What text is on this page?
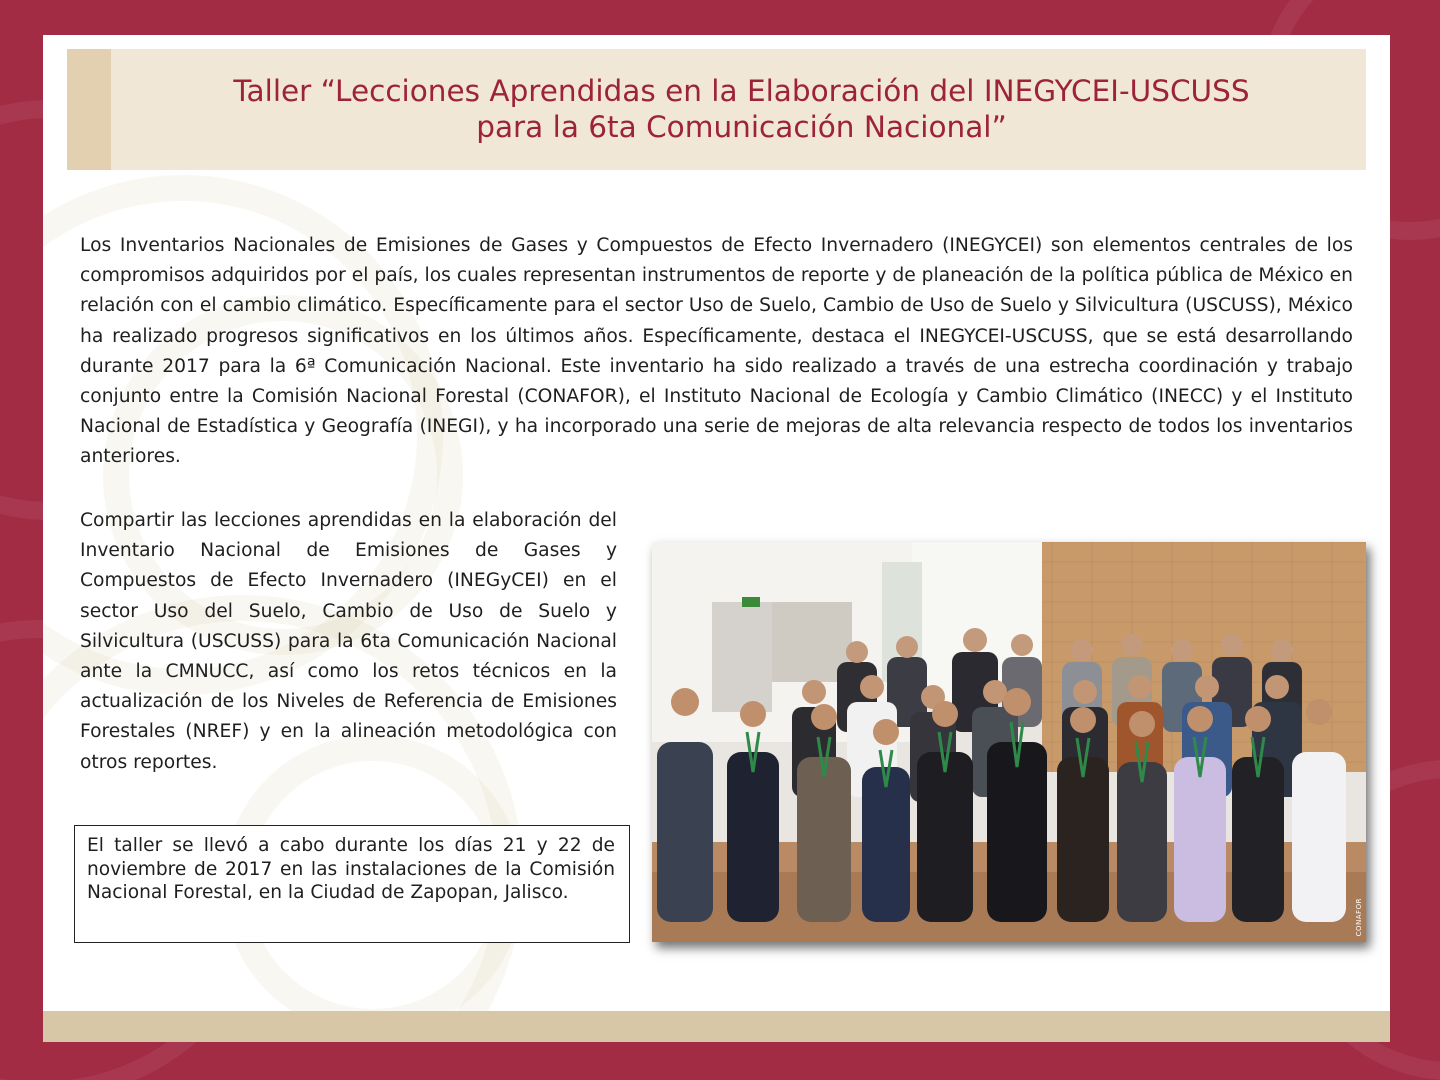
Taller “Lecciones Aprendidas en la Elaboración del INEGYCEI-USCUSS
para la 6ta Comunicación Nacional”

Los Inventarios Nacionales de Emisiones de Gases y Compuestos de Efecto Invernadero (INEGYCEI) son elementos centrales de los compromisos adquiridos por el país, los cuales representan instrumentos de reporte y de planeación de la política pública de México en relación con el cambio climático. Específicamente para el sector Uso de Suelo, Cambio de Uso de Suelo y Silvicultura (USCUSS), México ha realizado progresos significativos en los últimos años. Específicamente, destaca el INEGYCEI-USCUSS, que se está desarrollando durante 2017 para la 6ª Comunicación Nacional. Este inventario ha sido realizado a través de una estrecha coordinación y trabajo conjunto entre la Comisión Nacional Forestal (CONAFOR), el Instituto Nacional de Ecología y Cambio Climático (INECC) y el Instituto Nacional de Estadística y Geografía (INEGI), y ha incorporado una serie de mejoras de alta relevancia respecto de todos los inventarios anteriores.

Compartir las lecciones aprendidas en la elaboración del Inventario Nacional de Emisiones de Gases y Compuestos de Efecto Invernadero (INEGyCEI) en el sector Uso del Suelo, Cambio de Uso de Suelo y Silvicultura (USCUSS) para la 6ta Comunicación Nacional ante la CMNUCC, así como los retos técnicos en la actualización de los Niveles de Referencia de Emisiones Forestales (NREF) y en la alineación metodológica con otros reportes.

El taller se llevó a cabo durante los días 21 y 22 de noviembre de 2017 en las instalaciones de la Comisión Nacional Forestal, en la Ciudad de Zapopan, Jalisco.
CONAFOR
